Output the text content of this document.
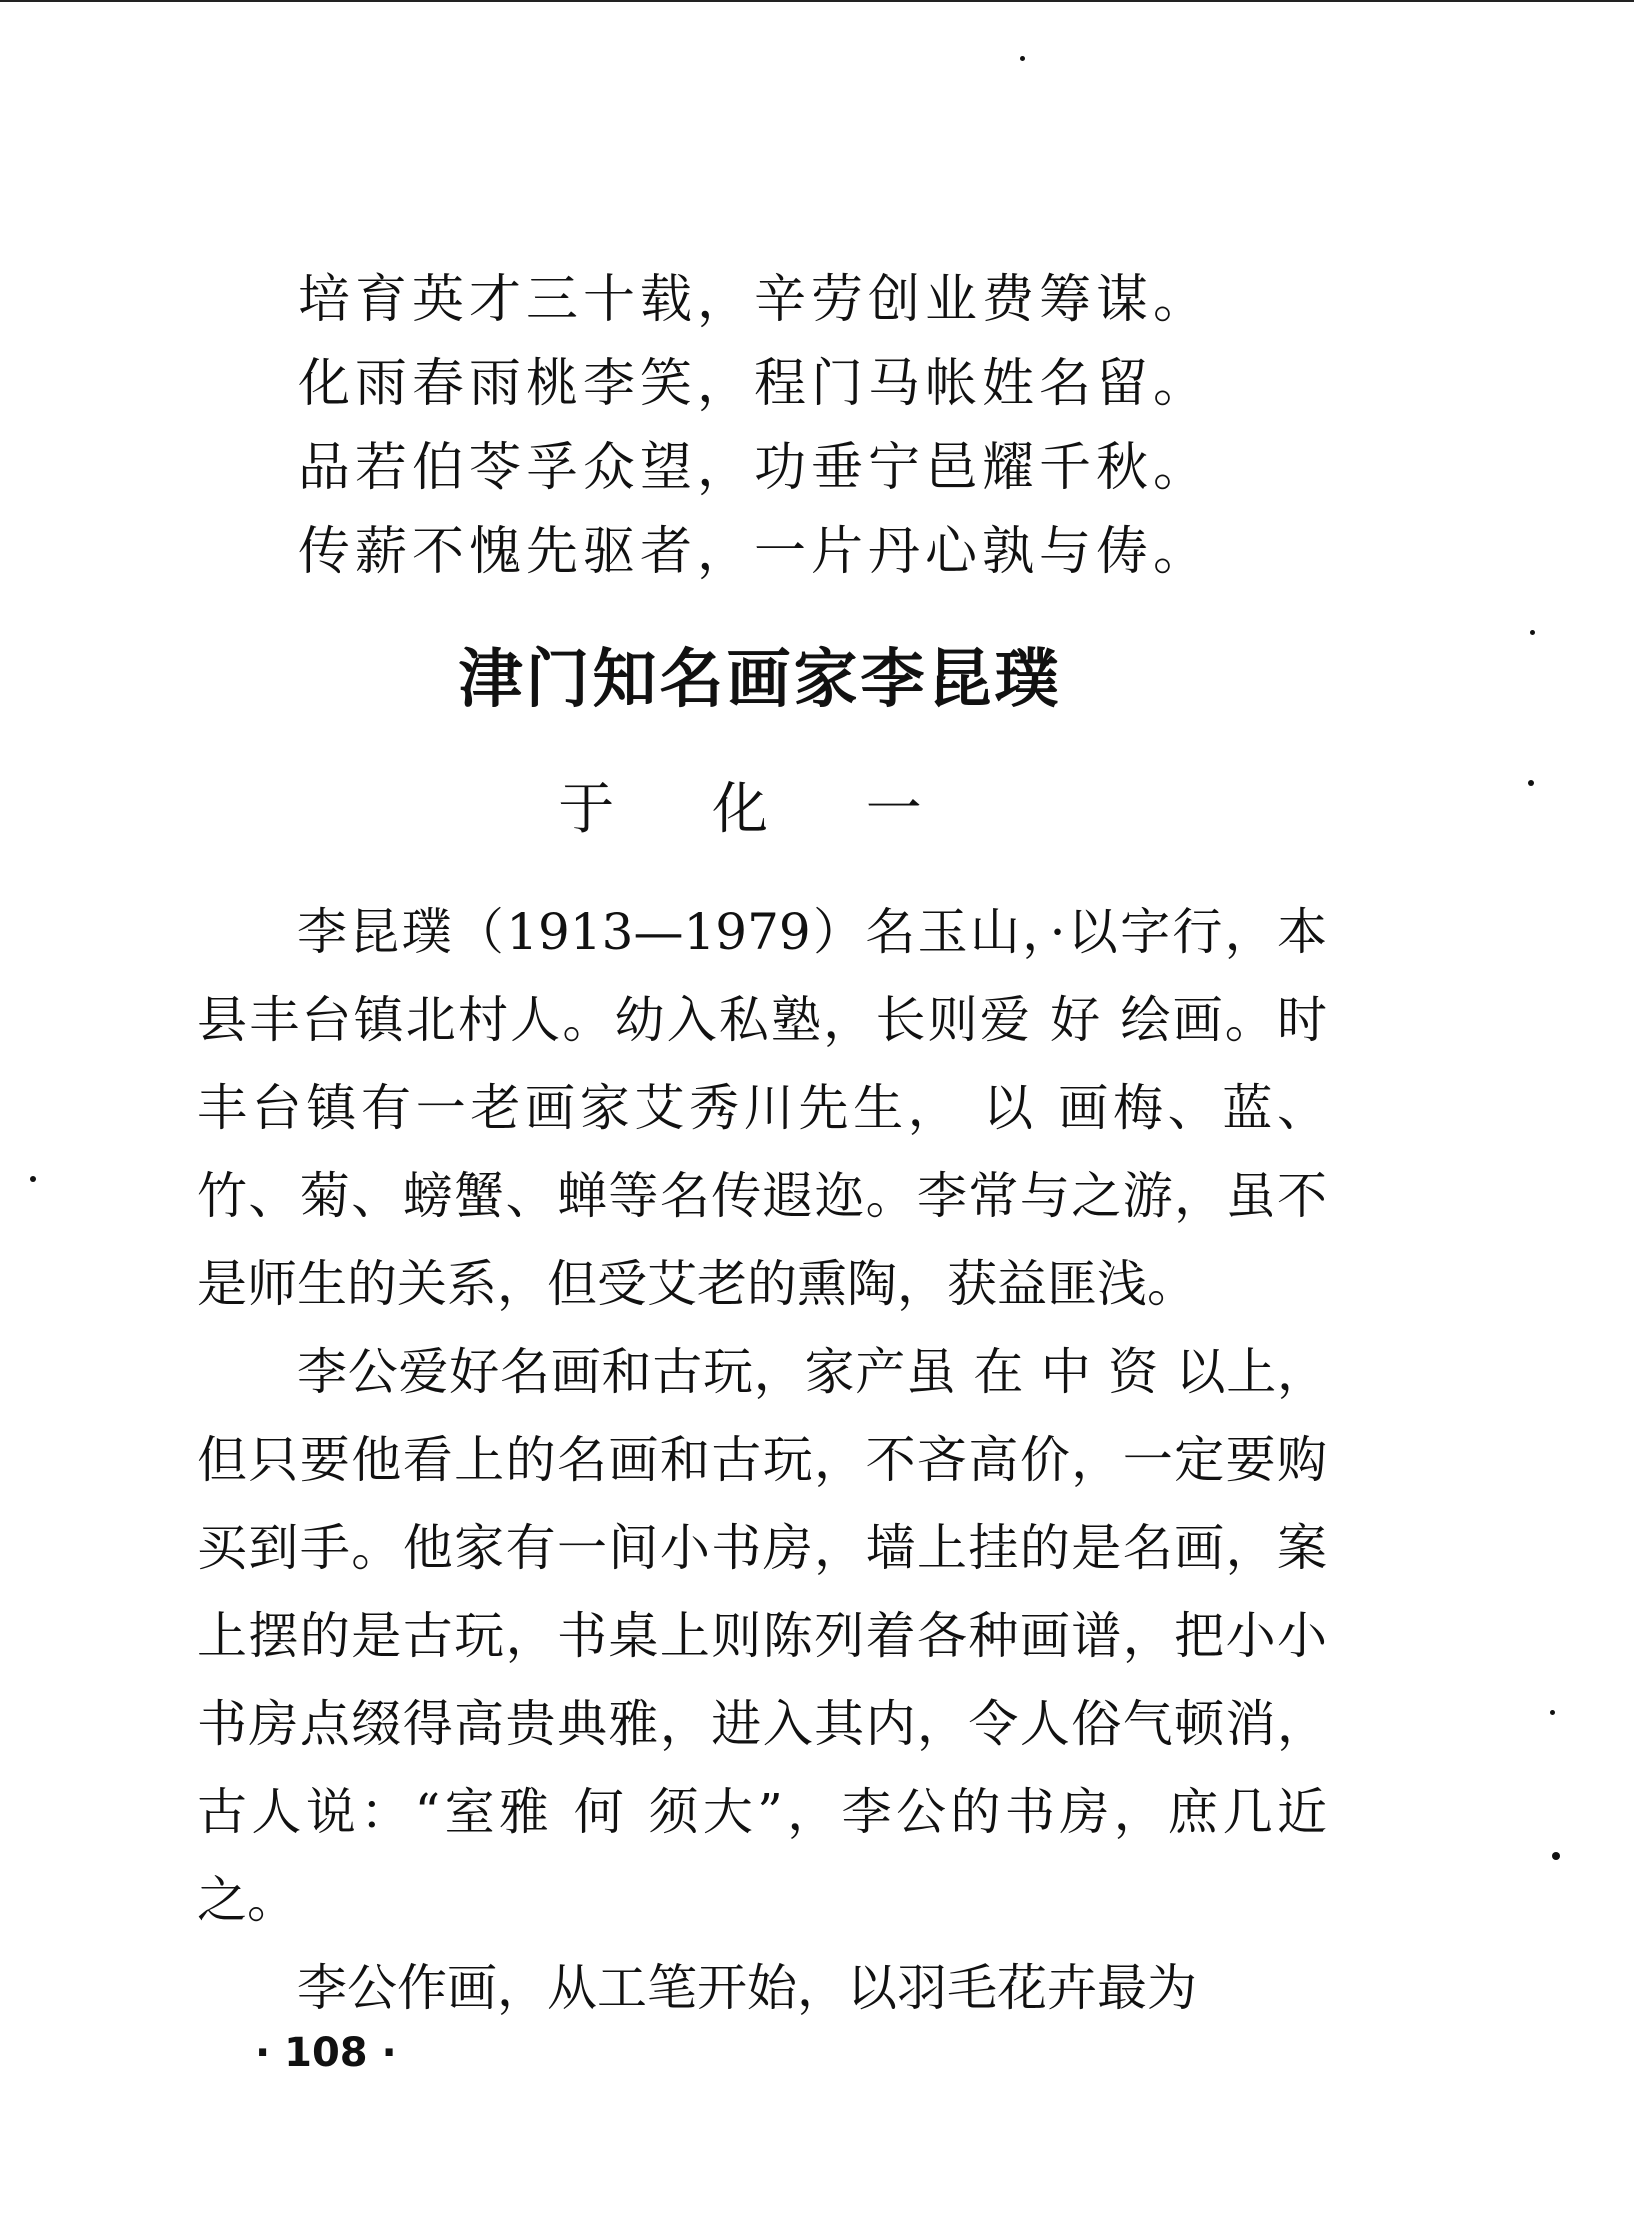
培育英才三十载，辛劳创业费筹谋。
化雨春雨桃李笑，程门马帐姓名留。
品若伯苓孚众望，功垂宁邑耀千秋。
传薪不愧先驱者，一片丹心孰与俦。
津门知名画家李昆璞
于 化 一

李昆璞（1913—1979）名玉山，·以字行，本县丰台镇北村人。幼入私塾，长则爱 好 绘画。时丰台镇有一老画家艾秀川先生， 以 画梅、蓝、竹、菊、螃蟹、蝉等名传遐迩。李常与之游，虽不是师生的关系，但受艾老的熏陶，获益匪浅。

李公爱好名画和古玩，家产虽 在 中 资 以上，但只要他看上的名画和古玩，不吝高价，一定要购买到手。他家有一间小书房，墙上挂的是名画，案上摆的是古玩，书桌上则陈列着各种画谱，把小小书房点缀得高贵典雅，进入其内，令人俗气顿消，古人说：“室雅 何 须大”，李公的书房，庶几近之。

李公作画，从工笔开始，以羽毛花卉最为

· 108 ·
